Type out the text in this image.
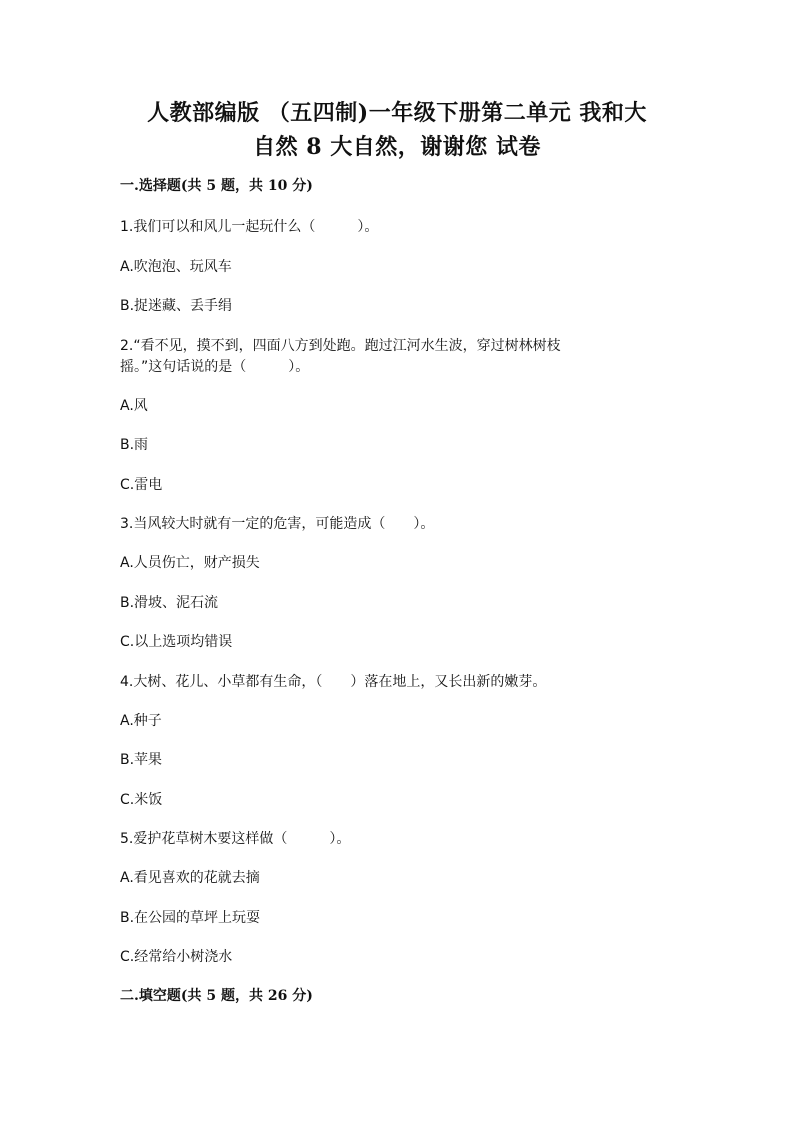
人教部编版 （五四制)一年级下册第二单元 我和大
自然 8 大自然，谢谢您 试卷
一.选择题(共 5 题，共 10 分)
1.我们可以和风儿一起玩什么（　　　）。
A.吹泡泡、玩风车
B.捉迷藏、丢手绢
2.“看不见，摸不到，四面八方到处跑。跑过江河水生波，穿过树林树枝
摇。”这句话说的是（　　　）。
A.风
B.雨
C.雷电
3.当风较大时就有一定的危害，可能造成（　　）。
A.人员伤亡，财产损失
B.滑坡、泥石流
C.以上选项均错误
4.大树、花儿、小草都有生命，（　　）落在地上，又长出新的嫩芽。
A.种子
B.苹果
C.米饭
5.爱护花草树木要这样做（　　　）。
A.看见喜欢的花就去摘
B.在公园的草坪上玩耍
C.经常给小树浇水
二.填空题(共 5 题，共 26 分)
